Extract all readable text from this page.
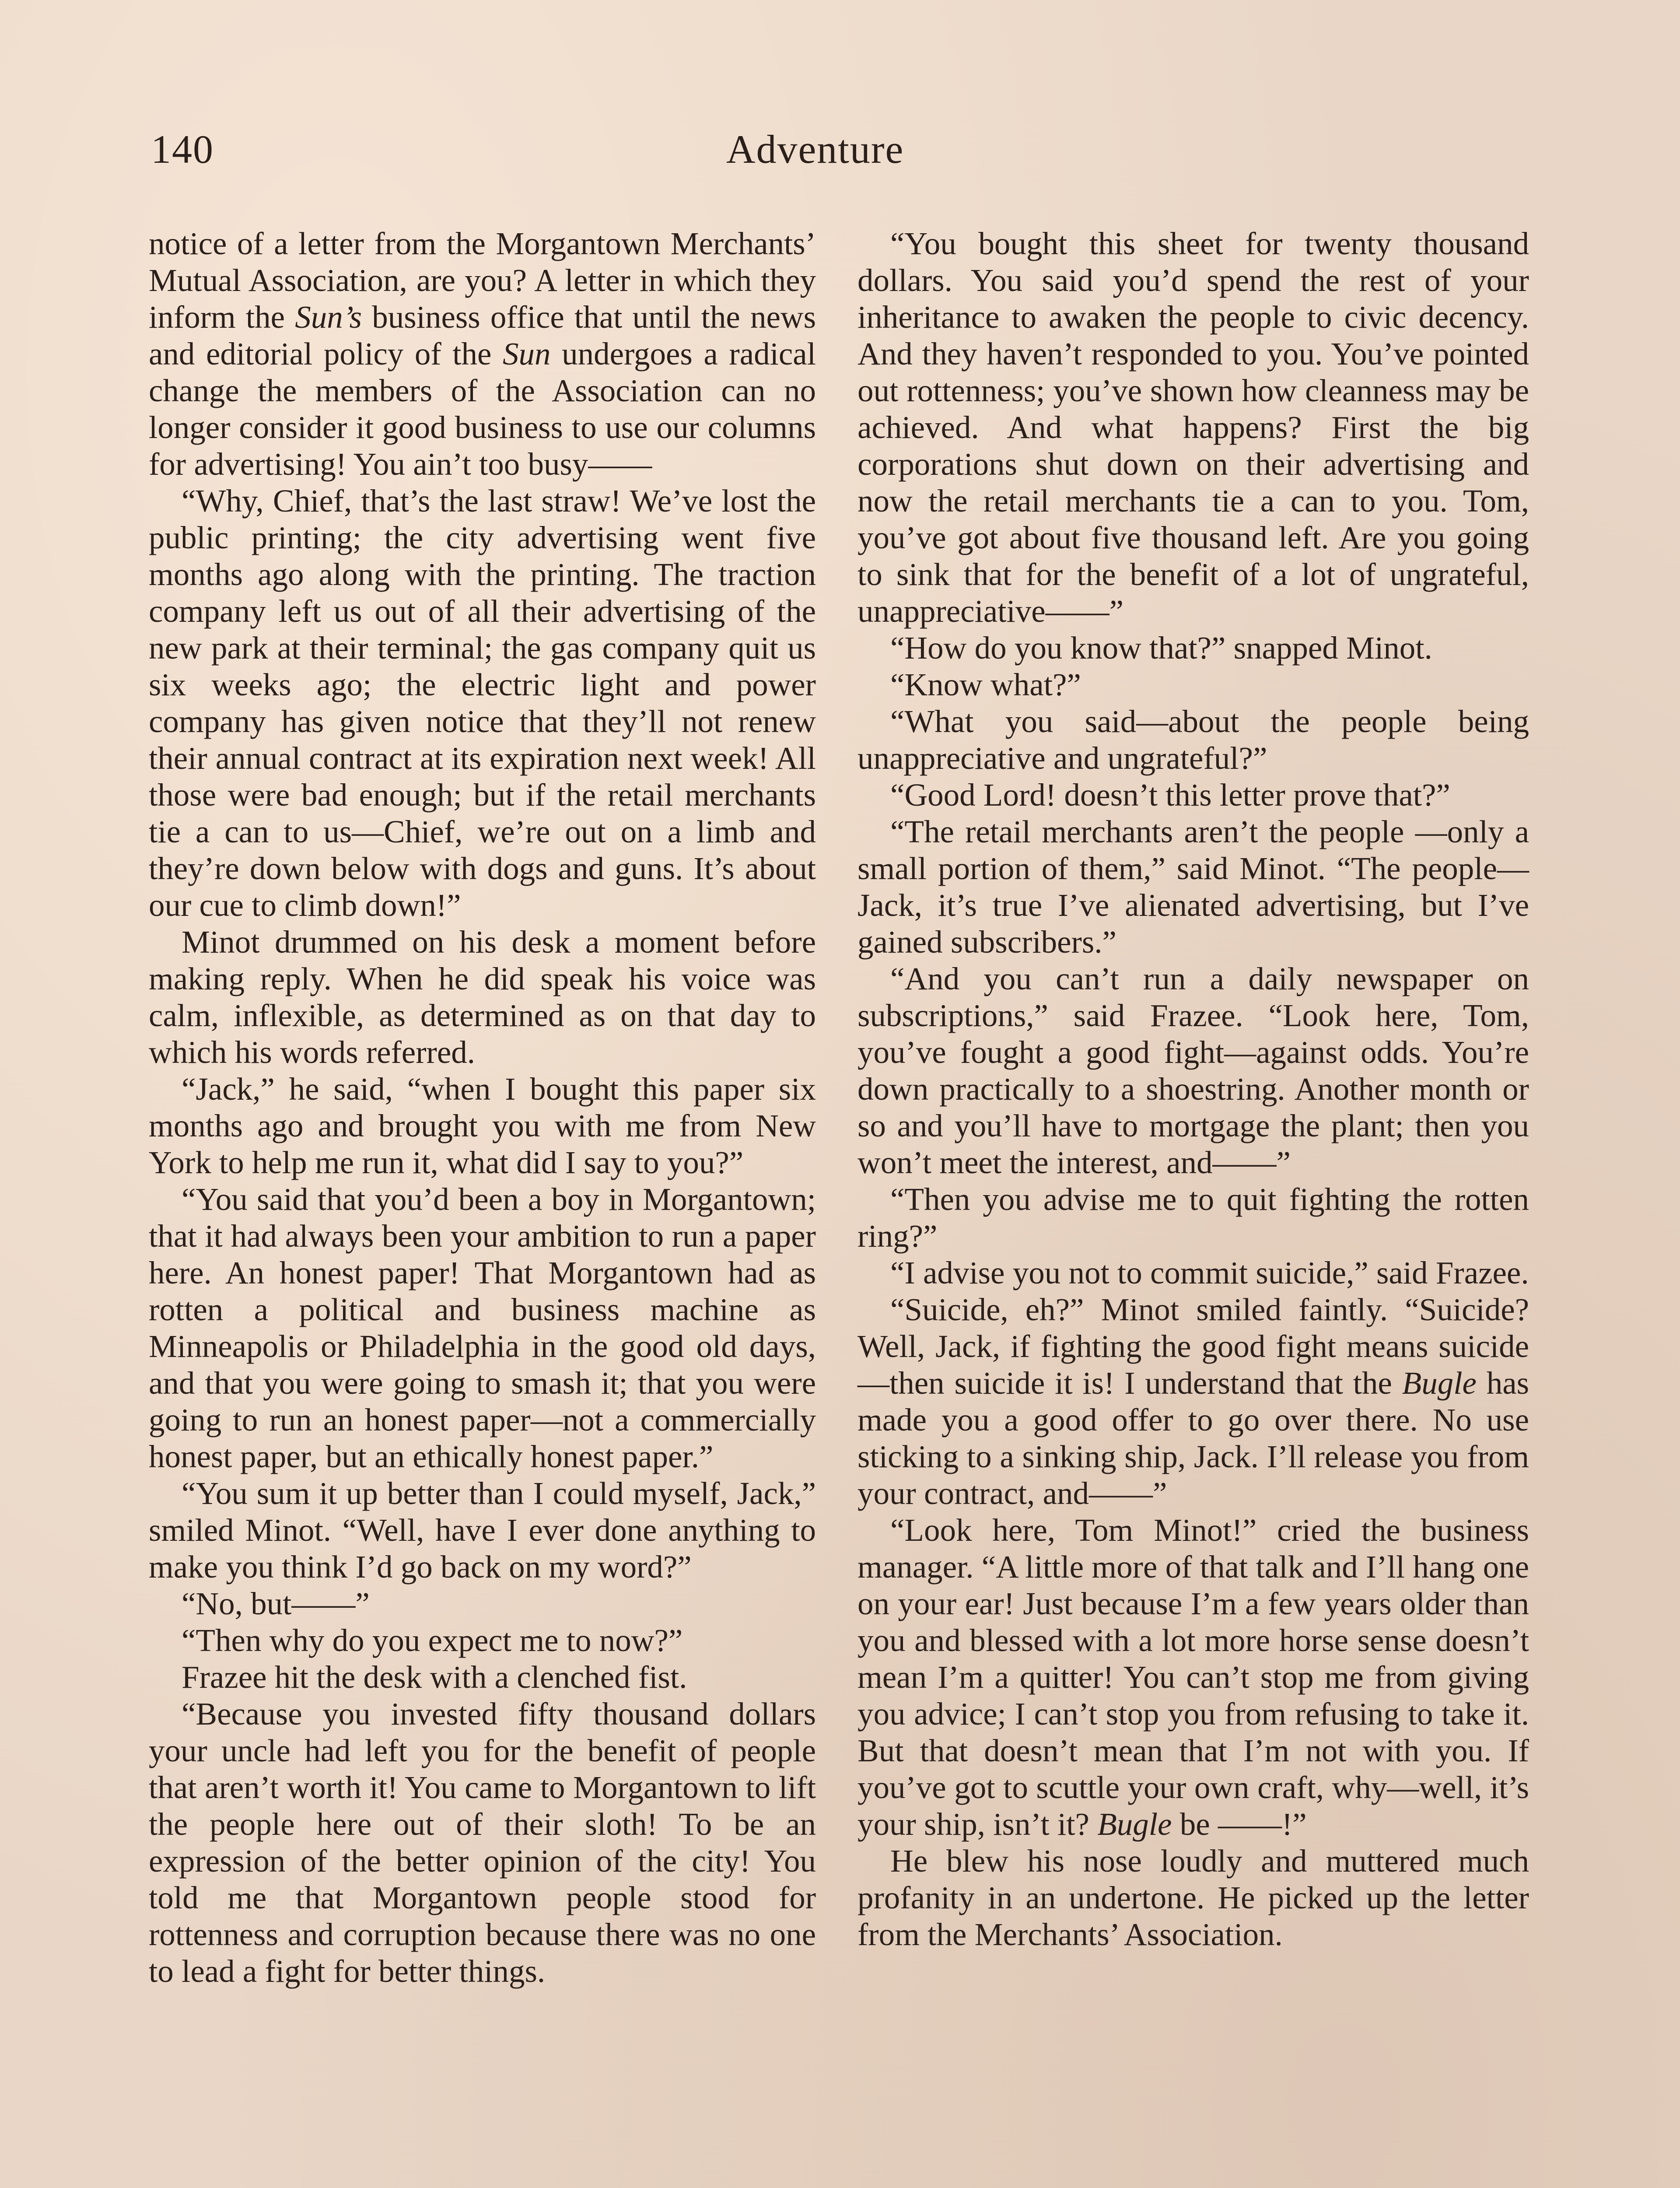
140	Adventure

notice of a letter from the Morgantown Merchants’ Mutual Association, are you? A letter in which they inform the Sun’s business office that until the news and editorial policy of the Sun undergoes a radical change the members of the Association can no longer consider it good business to use our columns for advertising! You ain’t too busy——

“Why, Chief, that’s the last straw! We’ve lost the public printing; the city advertising went five months ago along with the printing. The traction company left us out of all their advertising of the new park at their terminal; the gas company quit us six weeks ago; the electric light and power company has given notice that they’ll not renew their annual contract at its expiration next week! All those were bad enough; but if the retail merchants tie a can to us—Chief, we’re out on a limb and they’re down below with dogs and guns. It’s about our cue to climb down!”

Minot drummed on his desk a moment before making reply. When he did speak his voice was calm, inflexible, as determined as on that day to which his words referred.

“Jack,” he said, “when I bought this paper six months ago and brought you with me from New York to help me run it, what did I say to you?”

“You said that you’d been a boy in Morgantown; that it had always been your ambition to run a paper here. An honest paper! That Morgantown had as rotten a political and business machine as Minneapolis or Philadelphia in the good old days, and that you were going to smash it; that you were going to run an honest paper—not a commercially honest paper, but an ethically honest paper.”

“You sum it up better than I could myself, Jack,” smiled Minot. “Well, have I ever done anything to make you think I’d go back on my word?”

“No, but——”

“Then why do you expect me to now?”

Frazee hit the desk with a clenched fist.

“Because you invested fifty thousand dollars your uncle had left you for the benefit of people that aren’t worth it! You came to Morgantown to lift the people here out of their sloth! To be an expression of the better opinion of the city! You told me that Morgantown people stood for rottenness and corruption because there was no one to lead a fight for better things.

“You bought this sheet for twenty thousand dollars. You said you’d spend the rest of your inheritance to awaken the people to civic decency. And they haven’t responded to you. You’ve pointed out rottenness; you’ve shown how cleanness may be achieved. And what happens? First the big corporations shut down on their advertising and now the retail merchants tie a can to you. Tom, you’ve got about five thousand left. Are you going to sink that for the benefit of a lot of ungrateful, unappreciative——”

“How do you know that?” snapped Minot.

“Know what?”

“What you said—about the people being unappreciative and ungrateful?”

“Good Lord! doesn’t this letter prove that?”

“The retail merchants aren’t the people —only a small portion of them,” said Minot. “The people— Jack, it’s true I’ve alienated advertising, but I’ve gained subscribers.”

“And you can’t run a daily newspaper on subscriptions,” said Frazee. “Look here, Tom, you’ve fought a good fight—against odds. You’re down practically to a shoestring. Another month or so and you’ll have to mortgage the plant; then you won’t meet the interest, and——”

“Then you advise me to quit fighting the rotten ring?”

“I advise you not to commit suicide,” said Frazee.

“Suicide, eh?” Minot smiled faintly. “Suicide? Well, Jack, if fighting the good fight means suicide—then suicide it is! I understand that the Bugle has made you a good offer to go over there. No use sticking to a sinking ship, Jack. I’ll release you from your contract, and——”

“Look here, Tom Minot!” cried the business manager. “A little more of that talk and I’ll hang one on your ear! Just because I’m a few years older than you and blessed with a lot more horse sense doesn’t mean I’m a quitter! You can’t stop me from giving you advice; I can’t stop you from refusing to take it. But that doesn’t mean that I’m not with you. If you’ve got to scuttle your own craft, why—well, it’s your ship, isn’t it? Bugle be ——!”

He blew his nose loudly and muttered much profanity in an undertone. He picked up the letter from the Merchants’ Association.
